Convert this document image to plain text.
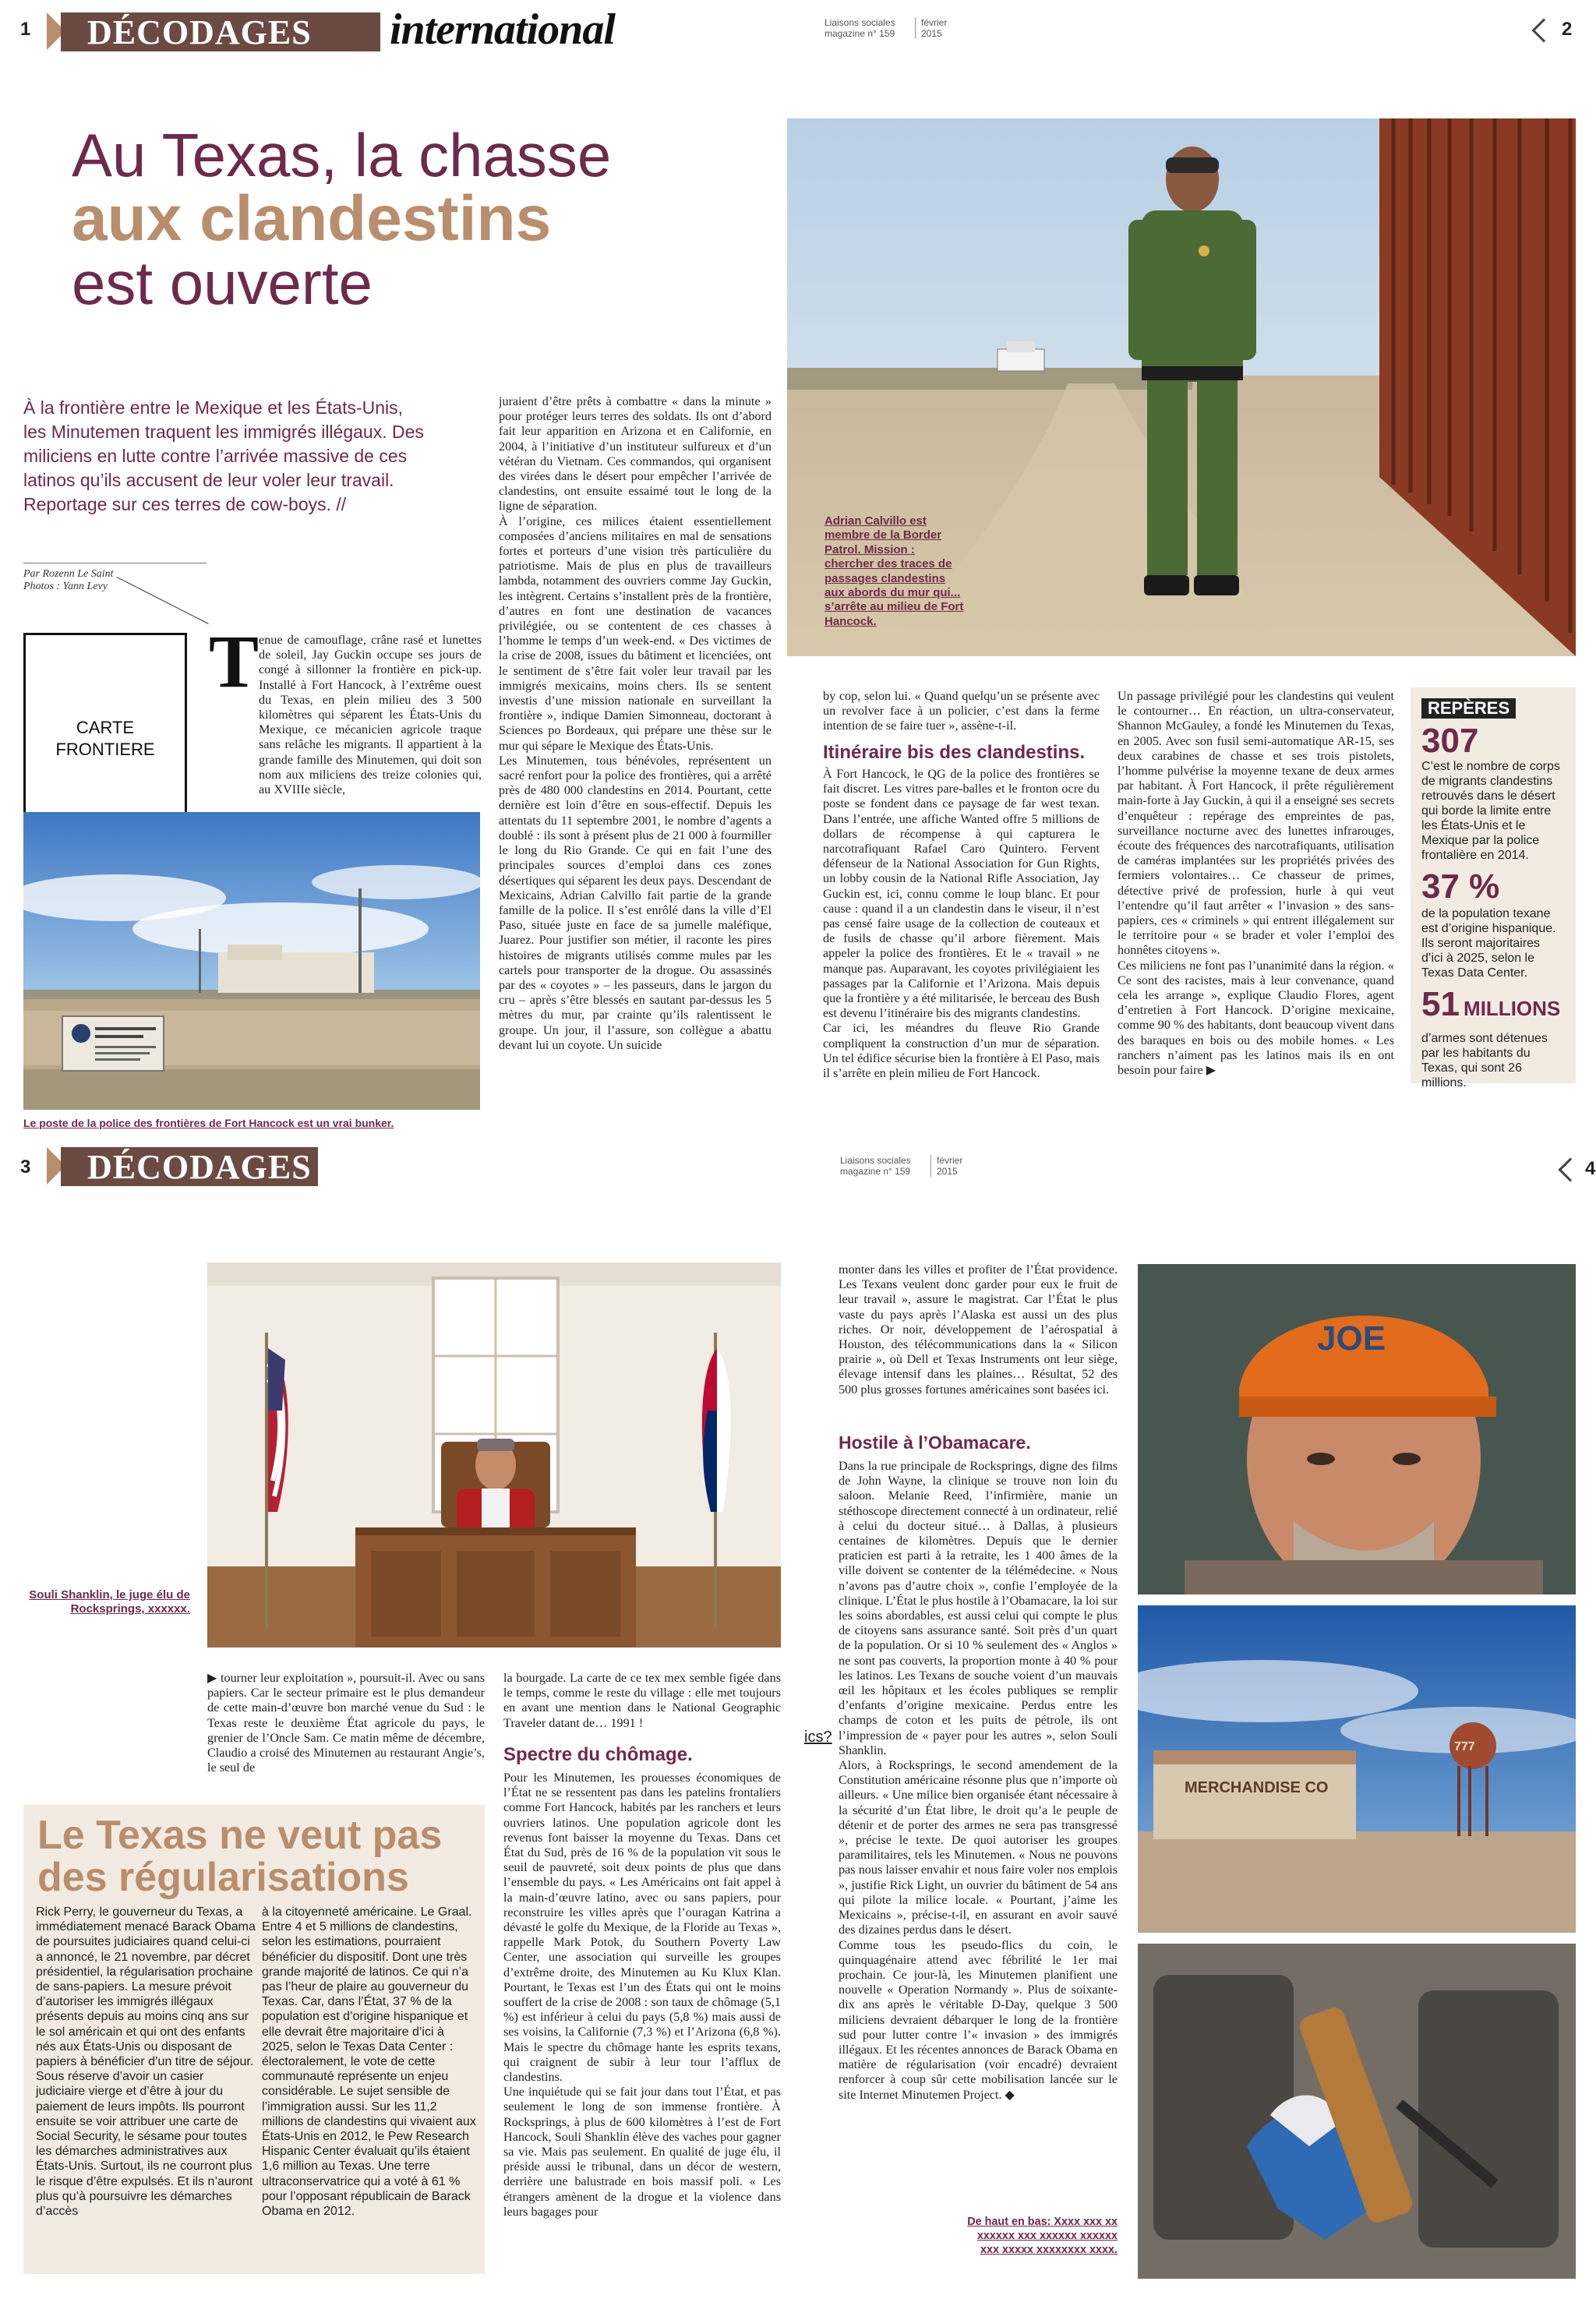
1 DÉCODAGES international	Liaisons sociales
magazine n° 159
février
2015	2
Au Texas, la chasse
aux clandestins
est ouverte
À la frontière entre le Mexique et les États-Unis, les Minutemen traquent les immigrés illégaux. Des miliciens en lutte contre l’arrivée massive de ces latinos qu’ils accusent de leur voler leur travail. Reportage sur ces terres de cow-boys. //
Par Rozenn Le Saint
Photos : Yann Levy
CARTE FRONTIERE
T enue de camouflage, crâne rasé et lunettes de soleil, Jay Guckin occupe ses jours de congé à sillonner la frontière en pick-up. Installé à Fort Hancock, à l’extrême ouest du Texas, en plein milieu des 3 500 kilomètres qui séparent les États-Unis du Mexique, ce mécanicien agricole traque sans relâche les migrants. Il appartient à la grande famille des Minutemen, qui doit son nom aux miliciens des treize colonies qui, au XVIIIe siècle,
Le poste de la police des frontières de Fort Hancock est un vrai bunker.
juraient d’être prêts à combattre « dans la minute » pour protéger leurs terres des soldats. Ils ont d’abord fait leur apparition en Arizona et en Californie, en 2004, à l’initiative d’un instituteur sulfureux et d’un vétéran du Vietnam. Ces commandos, qui organisent des virées dans le désert pour empêcher l’arrivée de clandestins, ont ensuite essaimé tout le long de la ligne de séparation.
À l’origine, ces milices étaient essentiellement composées d’anciens militaires en mal de sensations fortes et porteurs d’une vision très particulière du patriotisme. Mais de plus en plus de travailleurs lambda, notamment des ouvriers comme Jay Guckin, les intègrent. Certains s’installent près de la frontière, d’autres en font une destination de vacances privilégiée, ou se contentent de ces chasses à l’homme le temps d’un week-end. « Des victimes de la crise de 2008, issues du bâtiment et licenciées, ont le sentiment de s’être fait voler leur travail par les immigrés mexicains, moins chers. Ils se sentent investis d’une mission nationale en surveillant la frontière », indique Damien Simonneau, doctorant à Sciences po Bordeaux, qui prépare une thèse sur le mur qui sépare le Mexique des États-Unis.
Les Minutemen, tous bénévoles, représentent un sacré renfort pour la police des frontières, qui a arrêté près de 480 000 clandestins en 2014. Pourtant, cette dernière est loin d’être en sous-effectif. Depuis les attentats du 11 septembre 2001, le nombre d’agents a doublé : ils sont à présent plus de 21 000 à fourmiller le long du Rio Grande. Ce qui en fait l’une des principales sources d’emploi dans ces zones désertiques qui séparent les deux pays. Descendant de Mexicains, Adrian Calvillo fait partie de la grande famille de la police. Il s’est enrôlé dans la ville d’El Paso, située juste en face de sa jumelle maléfique, Juarez. Pour justifier son métier, il raconte les pires histoires de migrants utilisés comme mules par les cartels pour transporter de la drogue. Ou assassinés par des « coyotes » – les passeurs, dans le jargon du cru – après s’être blessés en sautant par-dessus les 5 mètres du mur, par crainte qu’ils ralentissent le groupe. Un jour, il l’assure, son collègue a abattu devant lui un coyote. Un suicide
Adrian Calvillo est membre de la Border Patrol. Mission : chercher des traces de passages clandestins aux abords du mur qui... s’arrête au milieu de Fort Hancock.
by cop, selon lui. « Quand quelqu’un se présente avec un revolver face à un policier, c’est dans la ferme intention de se faire tuer », assène-t-il.
Itinéraire bis des clandestins.
À Fort Hancock, le QG de la police des frontières se fait discret. Les vitres pare-balles et le fronton ocre du poste se fondent dans ce paysage de far west texan. Dans l’entrée, une affiche Wanted offre 5 millions de dollars de récompense à qui capturera le narcotrafiquant Rafael Caro Quintero. Fervent défenseur de la National Association for Gun Rights, un lobby cousin de la National Rifle Association, Jay Guckin est, ici, connu comme le loup blanc. Et pour cause : quand il a un clandestin dans le viseur, il n’est pas censé faire usage de la collection de couteaux et de fusils de chasse qu’il arbore fièrement. Mais appeler la police des frontières. Et le « travail » ne manque pas. Auparavant, les coyotes privilégiaient les passages par la Californie et l’Arizona. Mais depuis que la frontière y a été militarisée, le berceau des Bush est devenu l’itinéraire bis des migrants clandestins.
Car ici, les méandres du fleuve Rio Grande compliquent la construction d’un mur de séparation. Un tel édifice sécurise bien la frontière à El Paso, mais il s’arrête en plein milieu de Fort Hancock.
Un passage privilégié pour les clandestins qui veulent le contourner… En réaction, un ultra-conservateur, Shannon McGauley, a fondé les Minutemen du Texas, en 2005. Avec son fusil semi-automatique AR-15, ses deux carabines de chasse et ses trois pistolets, l’homme pulvérise la moyenne texane de deux armes par habitant. À Fort Hancock, il prête régulièrement main-forte à Jay Guckin, à qui il a enseigné ses secrets d’enquêteur : repérage des empreintes de pas, surveillance nocturne avec des lunettes infrarouges, écoute des fréquences des narcotrafiquants, utilisation de caméras implantées sur les propriétés privées des fermiers volontaires… Ce chasseur de primes, détective privé de profession, hurle à qui veut l’entendre qu’il faut arrêter « l’invasion » des sans-papiers, ces « criminels » qui entrent illégalement sur le territoire pour « se brader et voler l’emploi des honnêtes citoyens ».
Ces miliciens ne font pas l’unanimité dans la région. « Ce sont des racistes, mais à leur convenance, quand cela les arrange », explique Claudio Flores, agent d’entretien à Fort Hancock. D’origine mexicaine, comme 90 % des habitants, dont beaucoup vivent dans des baraques en bois ou des mobile homes. « Les ranchers n’aiment pas les latinos mais ils en ont besoin pour faire ▶
REPÈRES
307
C’est le nombre de corps de migrants clandestins retrouvés dans le désert qui borde la limite entre les États-Unis et le Mexique par la police frontalière en 2014.
37 %
de la population texane est d’origine hispanique. Ils seront majoritaires d’ici à 2025, selon le Texas Data Center.
51 MILLIONS
d’armes sont détenues par les habitants du Texas, qui sont 26 millions.
3 DÉCODAGES	Liaisons sociales
magazine n° 159
février
2015	4
Souli Shanklin, le juge élu de Rocksprings, xxxxxx.
▶ tourner leur exploitation », poursuit-il. Avec ou sans papiers. Car le secteur primaire est le plus demandeur de cette main-d’œuvre bon marché venue du Sud : le Texas reste le deuxième État agricole du pays, le grenier de l’Oncle Sam. Ce matin même de décembre, Claudio a croisé des Minutemen au restaurant Angie’s, le seul de
Le Texas ne veut pas des régularisations
Rick Perry, le gouverneur du Texas, a immédiatement menacé Barack Obama de poursuites judiciaires quand celui-ci a annoncé, le 21 novembre, par décret présidentiel, la régularisation prochaine de sans-papiers. La mesure prévoit d’autoriser les immigrés illégaux présents depuis au moins cinq ans sur le sol américain et qui ont des enfants nés aux États-Unis ou disposant de papiers à bénéficier d’un titre de séjour. Sous réserve d’avoir un casier judiciaire vierge et d’être à jour du paiement de leurs impôts. Ils pourront ensuite se voir attribuer une carte de Social Security, le sésame pour toutes les démarches administratives aux États-Unis. Surtout, ils ne courront plus le risque d’être expulsés. Et ils n’auront plus qu’à poursuivre les démarches d’accès
à la citoyenneté américaine. Le Graal. Entre 4 et 5 millions de clandestins, selon les estimations, pourraient bénéficier du dispositif. Dont une très grande majorité de latinos. Ce qui n’a pas l’heur de plaire au gouverneur du Texas. Car, dans l’État, 37 % de la population est d’origine hispanique et elle devrait être majoritaire d’ici à 2025, selon le Texas Data Center : électoralement, le vote de cette communauté représente un enjeu considérable. Le sujet sensible de l’immigration aussi. Sur les 11,2 millions de clandestins qui vivaient aux États-Unis en 2012, le Pew Research Hispanic Center évaluait qu’ils étaient 1,6 million au Texas. Une terre ultraconservatrice qui a voté à 61 % pour l’opposant républicain de Barack Obama en 2012.
la bourgade. La carte de ce tex mex semble figée dans le temps, comme le reste du village : elle met toujours en avant une mention dans le National Geographic Traveler datant de… 1991 !
Spectre du chômage.
Pour les Minutemen, les prouesses économiques de l’État ne se ressentent pas dans les patelins frontaliers comme Fort Hancock, habités par les ranchers et leurs ouvriers latinos. Une population agricole dont les revenus font baisser la moyenne du Texas. Dans cet État du Sud, près de 16 % de la population vit sous le seuil de pauvreté, soit deux points de plus que dans l’ensemble du pays. « Les Américains ont fait appel à la main-d’œuvre latino, avec ou sans papiers, pour reconstruire les villes après que l’ouragan Katrina a dévasté le golfe du Mexique, de la Floride au Texas », rappelle Mark Potok, du Southern Poverty Law Center, une association qui surveille les groupes d’extrême droite, des Minutemen au Ku Klux Klan. Pourtant, le Texas est l’un des États qui ont le moins souffert de la crise de 2008 : son taux de chômage (5,1 %) est inférieur à celui du pays (5,8 %) mais aussi de ses voisins, la Californie (7,3 %) et l’Arizona (6,8 %). Mais le spectre du chômage hante les esprits texans, qui craignent de subir à leur tour l’afflux de clandestins.
Une inquiétude qui se fait jour dans tout l’État, et pas seulement le long de son immense frontière. À Rocksprings, à plus de 600 kilomètres à l’est de Fort Hancock, Souli Shanklin élève des vaches pour gagner sa vie. Mais pas seulement. En qualité de juge élu, il préside aussi le tribunal, dans un décor de western, derrière une balustrade en bois massif poli. « Les étrangers amènent de la drogue et la violence dans leurs bagages pour
ics?
monter dans les villes et profiter de l’État providence. Les Texans veulent donc garder pour eux le fruit de leur travail », assure le magistrat. Car l’État le plus vaste du pays après l’Alaska est aussi un des plus riches. Or noir, développement de l’aérospatial à Houston, des télécommunications dans la « Silicon prairie », où Dell et Texas Instruments ont leur siège, élevage intensif dans les plaines… Résultat, 52 des 500 plus grosses fortunes américaines sont basées ici.
Hostile à l’Obamacare.
Dans la rue principale de Rocksprings, digne des films de John Wayne, la clinique se trouve non loin du saloon. Melanie Reed, l’infirmière, manie un stéthoscope directement connecté à un ordinateur, relié à celui du docteur situé… à Dallas, à plusieurs centaines de kilomètres. Depuis que le dernier praticien est parti à la retraite, les 1 400 âmes de la ville doivent se contenter de la télémédecine. « Nous n’avons pas d’autre choix », confie l’employée de la clinique. L’État le plus hostile à l’Obamacare, la loi sur les soins abordables, est aussi celui qui compte le plus de citoyens sans assurance santé. Soit près d’un quart de la population. Or si 10 % seulement des « Anglos » ne sont pas couverts, la proportion monte à 40 % pour les latinos. Les Texans de souche voient d’un mauvais œil les hôpitaux et les écoles publiques se remplir d’enfants d’origine mexicaine. Perdus entre les champs de coton et les puits de pétrole, ils ont l’impression de « payer pour les autres », selon Souli Shanklin.
Alors, à Rocksprings, le second amendement de la Constitution américaine résonne plus que n’importe où ailleurs. « Une milice bien organisée étant nécessaire à la sécurité d’un État libre, le droit qu’a le peuple de détenir et de porter des armes ne sera pas transgressé », précise le texte. De quoi autoriser les groupes paramilitaires, tels les Minutemen. « Nous ne pouvons pas nous laisser envahir et nous faire voler nos emplois », justifie Rick Light, un ouvrier du bâtiment de 54 ans qui pilote la milice locale. « Pourtant, j’aime les Mexicains », précise-t-il, en assurant en avoir sauvé des dizaines perdus dans le désert.
Comme tous les pseudo-flics du coin, le quinquagénaire attend avec fébrilité le 1er mai prochain. Ce jour-là, les Minutemen planifient une nouvelle « Operation Normandy ». Plus de soixante-dix ans après le véritable D-Day, quelque 3 500 miliciens devraient débarquer le long de la frontière sud pour lutter contre l’« invasion » des immigrés illégaux. Et les récentes annonces de Barack Obama en matière de régularisation (voir encadré) devraient renforcer à coup sûr cette mobilisation lancée sur le site Internet Minutemen Project. ◆
JOE
MERCHANDISE CO
777
De haut en bas: Xxxx xxx xx xxxxxx xxx xxxxxx xxxxxx xxx xxxxx xxxxxxxx xxxx.
